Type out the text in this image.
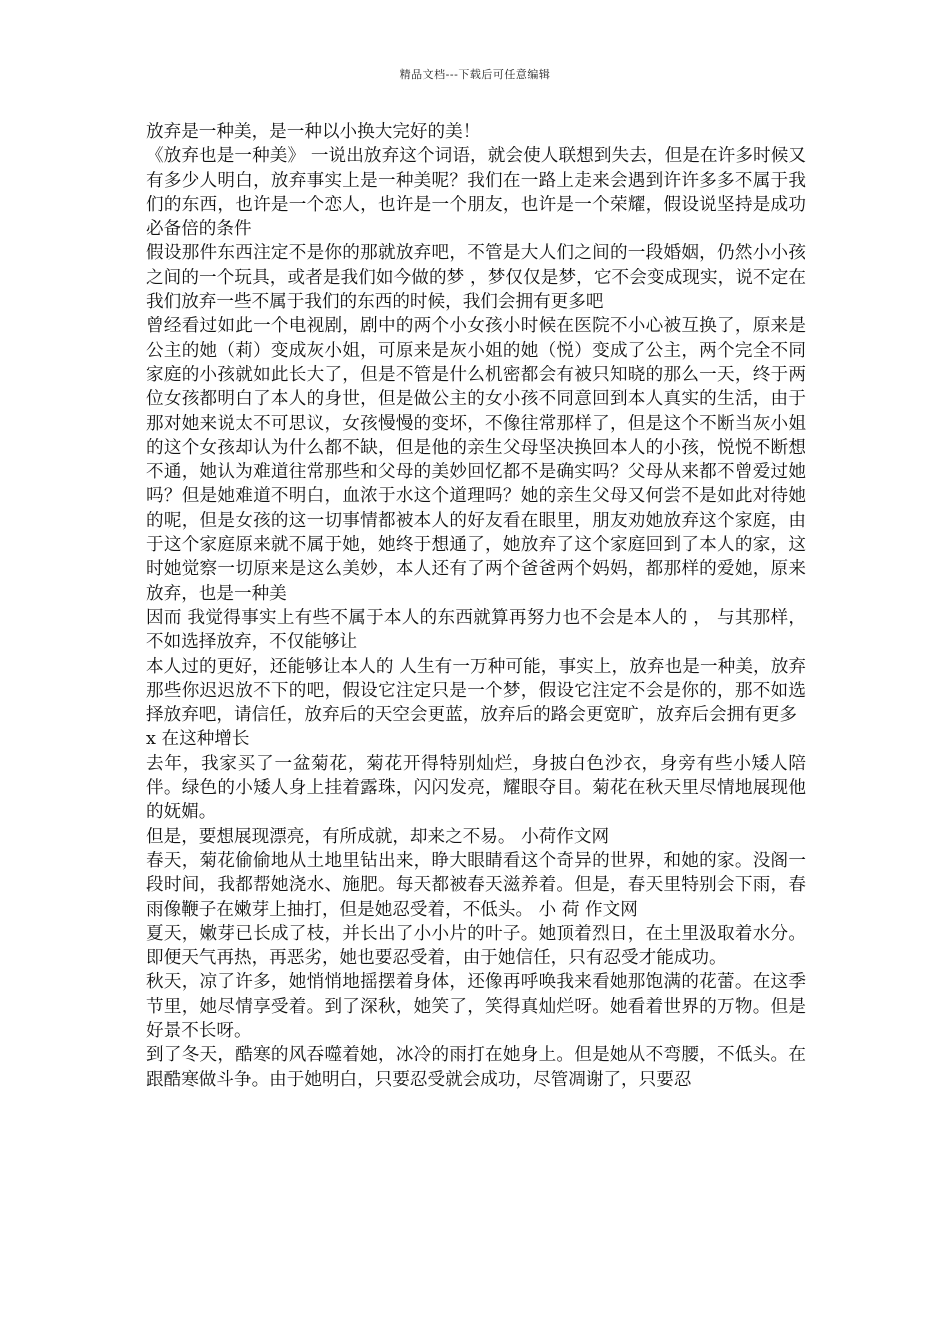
精品文档---下载后可任意编辑

放弃是一种美，是一种以小换大完好的美！

《放弃也是一种美》 一说出放弃这个词语，就会使人联想到失去，但是在许多时候又有多少人明白，放弃事实上是一种美呢？我们在一路上走来会遇到许许多多不属于我们的东西，也许是一个恋人，也许是一个朋友，也许是一个荣耀，假设说坚持是成功必备倍的条件

假设那件东西注定不是你的那就放弃吧，不管是大人们之间的一段婚姻，仍然小小孩之间的一个玩具，或者是我们如今做的梦 ，梦仅仅是梦，它不会变成现实，说不定在我们放弃一些不属于我们的东西的时候，我们会拥有更多吧

曾经看过如此一个电视剧，剧中的两个小女孩小时候在医院不小心被互换了，原来是公主的她（莉）变成灰小姐，可原来是灰小姐的她（悦）变成了公主，两个完全不同家庭的小孩就如此长大了，但是不管是什么机密都会有被只知晓的那么一天，终于两位女孩都明白了本人的身世，但是做公主的女小孩不同意回到本人真实的生活，由于那对她来说太不可思议，女孩慢慢的变坏，不像往常那样了，但是这个不断当灰小姐的这个女孩却认为什么都不缺，但是他的亲生父母坚决换回本人的小孩，悦悦不断想不通，她认为难道往常那些和父母的美妙回忆都不是确实吗？父母从来都不曾爱过她吗？但是她难道不明白，血浓于水这个道理吗？她的亲生父母又何尝不是如此对待她的呢，但是女孩的这一切事情都被本人的好友看在眼里，朋友劝她放弃这个家庭，由于这个家庭原来就不属于她，她终于想通了，她放弃了这个家庭回到了本人的家，这时她觉察一切原来是这么美妙，本人还有了两个爸爸两个妈妈，都那样的爱她，原来放弃，也是一种美

因而 我觉得事实上有些不属于本人的东西就算再努力也不会是本人的 ， 与其那样，不如选择放弃，不仅能够让

本人过的更好，还能够让本人的 人生有一万种可能，事实上，放弃也是一种美，放弃那些你迟迟放不下的吧，假设它注定只是一个梦，假设它注定不会是你的，那不如选择放弃吧，请信任，放弃后的天空会更蓝，放弃后的路会更宽旷，放弃后会拥有更多

x 在这种增长

去年，我家买了一盆菊花，菊花开得特别灿烂，身披白色沙衣，身旁有些小矮人陪伴。绿色的小矮人身上挂着露珠，闪闪发亮，耀眼夺目。菊花在秋天里尽情地展现他的妩媚。

但是，要想展现漂亮，有所成就，却来之不易。 小荷作文网

春天，菊花偷偷地从土地里钻出来，睁大眼睛看这个奇异的世界，和她的家。没阁一段时间，我都帮她浇水、施肥。每天都被春天滋养着。但是，春天里特别会下雨，春雨像鞭子在嫩芽上抽打，但是她忍受着，不低头。 小 荷 作文网

夏天，嫩芽已长成了枝，并长出了小小片的叶子。她顶着烈日，在土里汲取着水分。即便天气再热，再恶劣，她也要忍受着，由于她信任，只有忍受才能成功。

秋天，凉了许多，她悄悄地摇摆着身体，还像再呼唤我来看她那饱满的花蕾。在这季节里，她尽情享受着。到了深秋，她笑了，笑得真灿烂呀。她看着世界的万物。但是好景不长呀。

到了冬天，酷寒的风吞噬着她，冰冷的雨打在她身上。但是她从不弯腰，不低头。在跟酷寒做斗争。由于她明白，只要忍受就会成功，尽管凋谢了，只要忍
